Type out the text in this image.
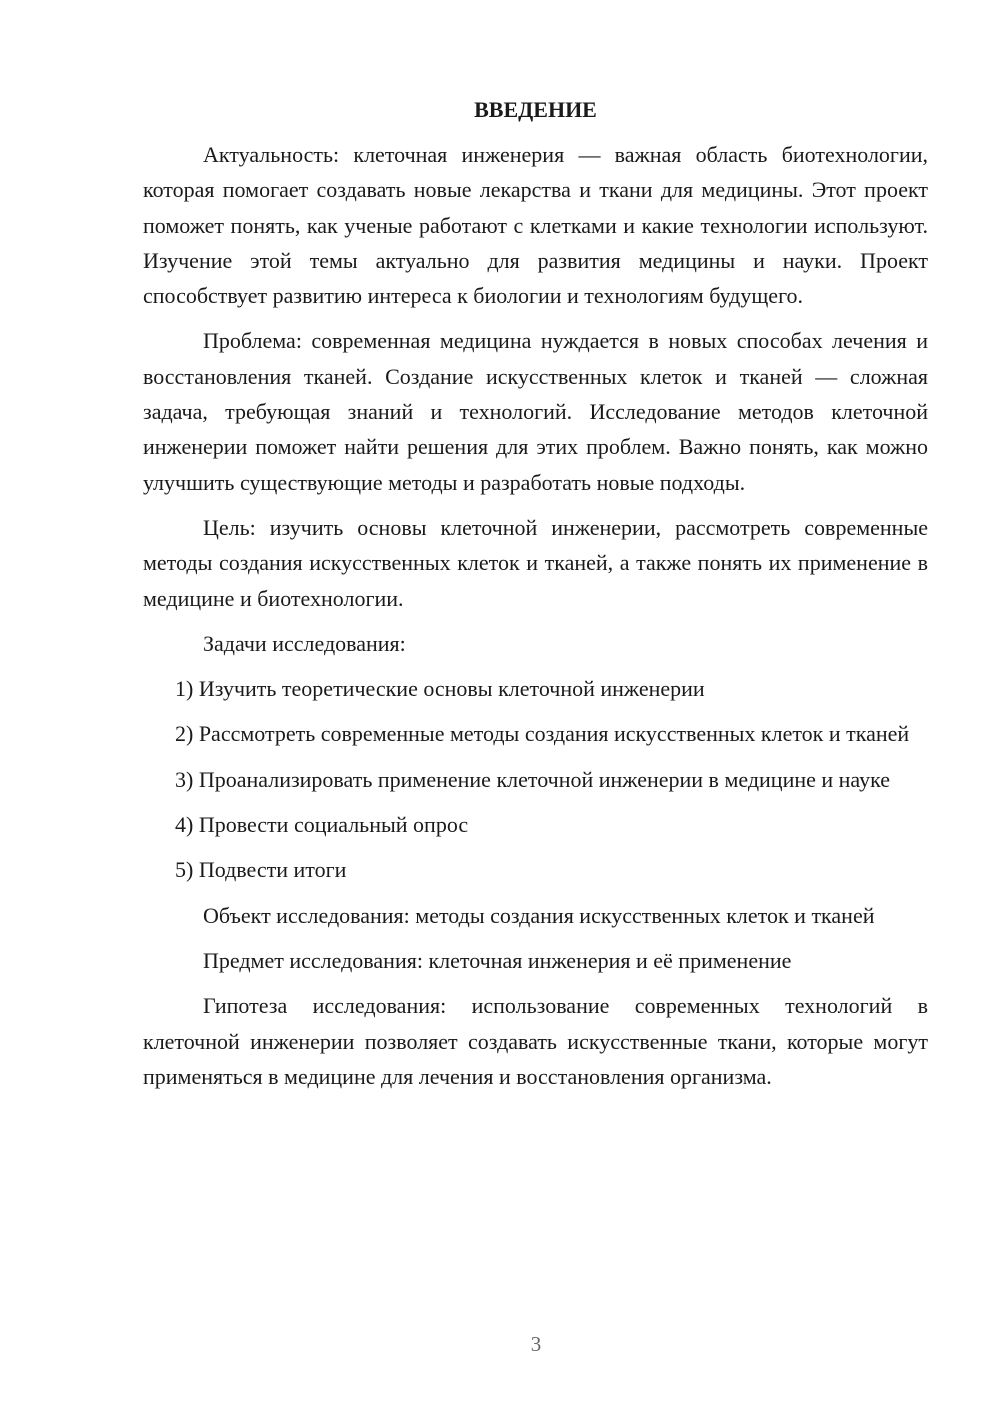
ВВЕДЕНИЕ

Актуальность: клеточная инженерия — важная область биотехнологии, которая помогает создавать новые лекарства и ткани для медицины. Этот проект поможет понять, как ученые работают с клетками и какие технологии используют. Изучение этой темы актуально для развития медицины и науки. Проект способствует развитию интереса к биологии и технологиям будущего.

Проблема: современная медицина нуждается в новых способах лечения и восстановления тканей. Создание искусственных клеток и тканей — сложная задача, требующая знаний и технологий. Исследование методов клеточной инженерии поможет найти решения для этих проблем. Важно понять, как можно улучшить существующие методы и разработать новые подходы.

Цель: изучить основы клеточной инженерии, рассмотреть современные методы создания искусственных клеток и тканей, а также понять их применение в медицине и биотехнологии.

Задачи исследования:

1) Изучить теоретические основы клеточной инженерии

2) Рассмотреть современные методы создания искусственных клеток и тканей

3) Проанализировать применение клеточной инженерии в медицине и науке

4) Провести социальный опрос

5) Подвести итоги

Объект исследования: методы создания искусственных клеток и тканей

Предмет исследования: клеточная инженерия и её применение

Гипотеза исследования: использование современных технологий в клеточной инженерии позволяет создавать искусственные ткани, которые могут применяться в медицине для лечения и восстановления организма.

3
